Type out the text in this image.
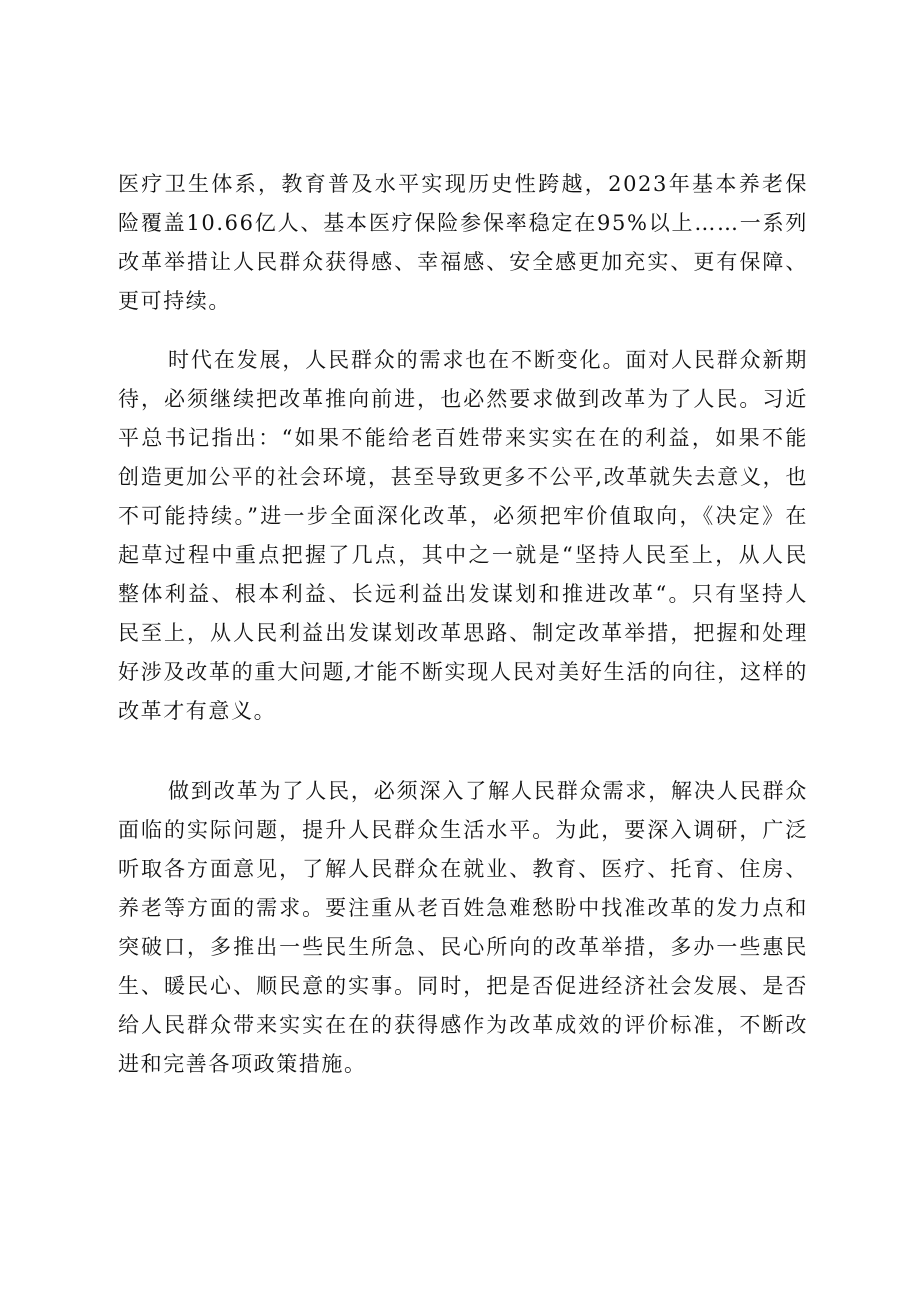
医疗卫生体系，教育普及水平实现历史性跨越，2023年基本养老保险覆盖10.66亿人、基本医疗保险参保率稳定在95%以上……一系列改革举措让人民群众获得感、幸福感、安全感更加充实、更有保障、更可持续。

时代在发展，人民群众的需求也在不断变化。面对人民群众新期待，必须继续把改革推向前进，也必然要求做到改革为了人民。习近平总书记指出：“如果不能给老百姓带来实实在在的利益，如果不能创造更加公平的社会环境，甚至导致更多不公平,改革就失去意义，也不可能持续。”进一步全面深化改革，必须把牢价值取向，《决定》在起草过程中重点把握了几点，其中之一就是“坚持人民至上，从人民整体利益、根本利益、长远利益出发谋划和推进改革“。只有坚持人民至上，从人民利益出发谋划改革思路、制定改革举措，把握和处理好涉及改革的重大问题,才能不断实现人民对美好生活的向往，这样的改革才有意义。

做到改革为了人民，必须深入了解人民群众需求，解决人民群众面临的实际问题，提升人民群众生活水平。为此，要深入调研，广泛听取各方面意见，了解人民群众在就业、教育、医疗、托育、住房、养老等方面的需求。要注重从老百姓急难愁盼中找准改革的发力点和突破口，多推出一些民生所急、民心所向的改革举措，多办一些惠民生、暖民心、顺民意的实事。同时，把是否促进经济社会发展、是否给人民群众带来实实在在的获得感作为改革成效的评价标准，不断改进和完善各项政策措施。
